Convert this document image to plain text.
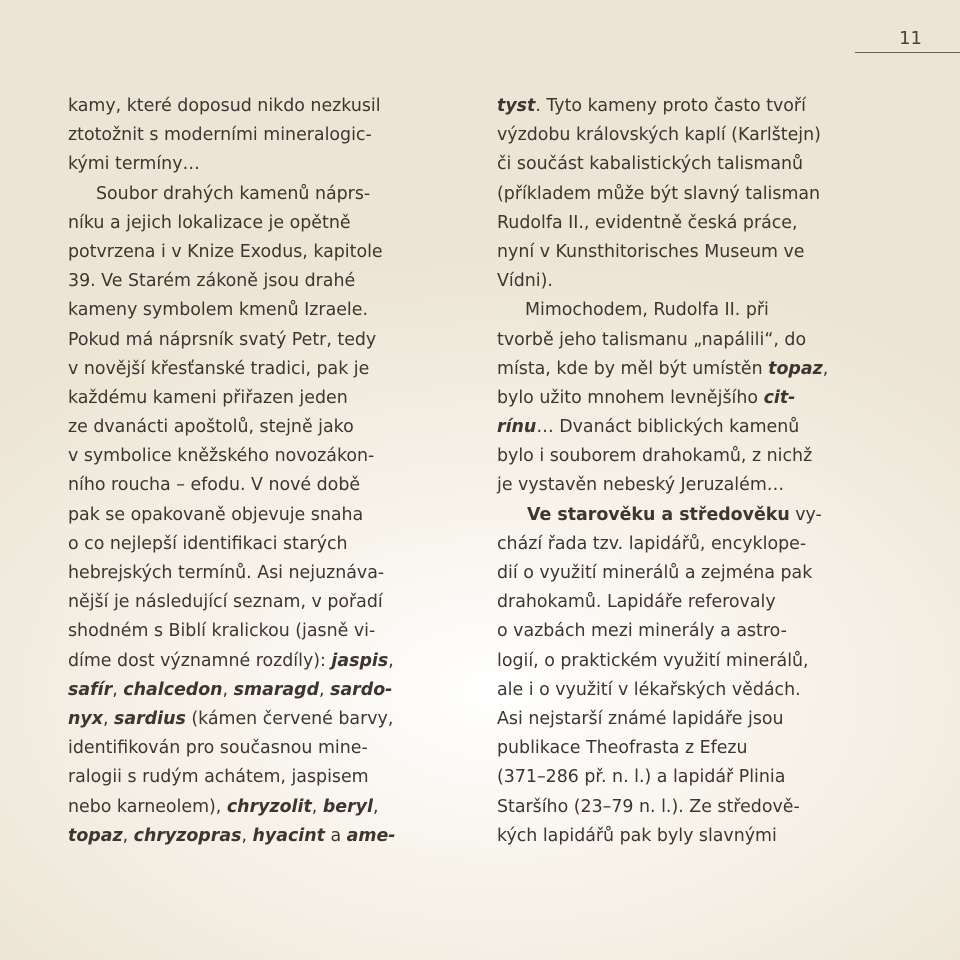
11
kamy, které doposud nikdo nezkusil
ztotožnit s moderními mineralogic-
kými termíny…
Soubor drahých kamenů náprs-
níku a jejich lokalizace je opětně
potvrzena i v Knize Exodus, kapitole
39. Ve Starém zákoně jsou drahé
kameny symbolem kmenů Izraele.
Pokud má náprsník svatý Petr, tedy
v novější křesťanské tradici, pak je
každému kameni přiřazen jeden
ze dvanácti apoštolů, stejně jako
v symbolice kněžského novozákon-
ního roucha – efodu. V nové době
pak se opakovaně objevuje snaha
o co nejlepší identifikaci starých
hebrejských termínů. Asi nejuznáva-
nější je následující seznam, v pořadí
shodném s Biblí kralickou (jasně vi-
díme dost významné rozdíly): jaspis,
safír, chalcedon, smaragd, sardo-
nyx, sardius (kámen červené barvy,
identifikován pro současnou mine-
ralogii s rudým achátem, jaspisem
nebo karneolem), chryzolit, beryl,
topaz, chryzopras, hyacint a ame-
tyst. Tyto kameny proto často tvoří
výzdobu královských kaplí (Karlštejn)
či součást kabalistických talismanů
(příkladem může být slavný talisman
Rudolfa II., evidentně česká práce,
nyní v Kunsthitorisches Museum ve
Vídni).
Mimochodem, Rudolfa II. při
tvorbě jeho talismanu „napálili“, do
místa, kde by měl být umístěn topaz,
bylo užito mnohem levnějšího cit-
rínu… Dvanáct biblických kamenů
bylo i souborem drahokamů, z nichž
je vystavěn nebeský Jeruzalém…
Ve starověku a středověku vy-
chází řada tzv. lapidářů, encyklope-
dií o využití minerálů a zejména pak
drahokamů. Lapidáře referovaly
o vazbách mezi minerály a astro-
logií, o praktickém využití minerálů,
ale i o využití v lékařských vědách.
Asi nejstarší známé lapidáře jsou
publikace Theofrasta z Efezu
(371–286 př. n. l.) a lapidář Plinia
Staršího (23–79 n. l.). Ze středově-
kých lapidářů pak byly slavnými
